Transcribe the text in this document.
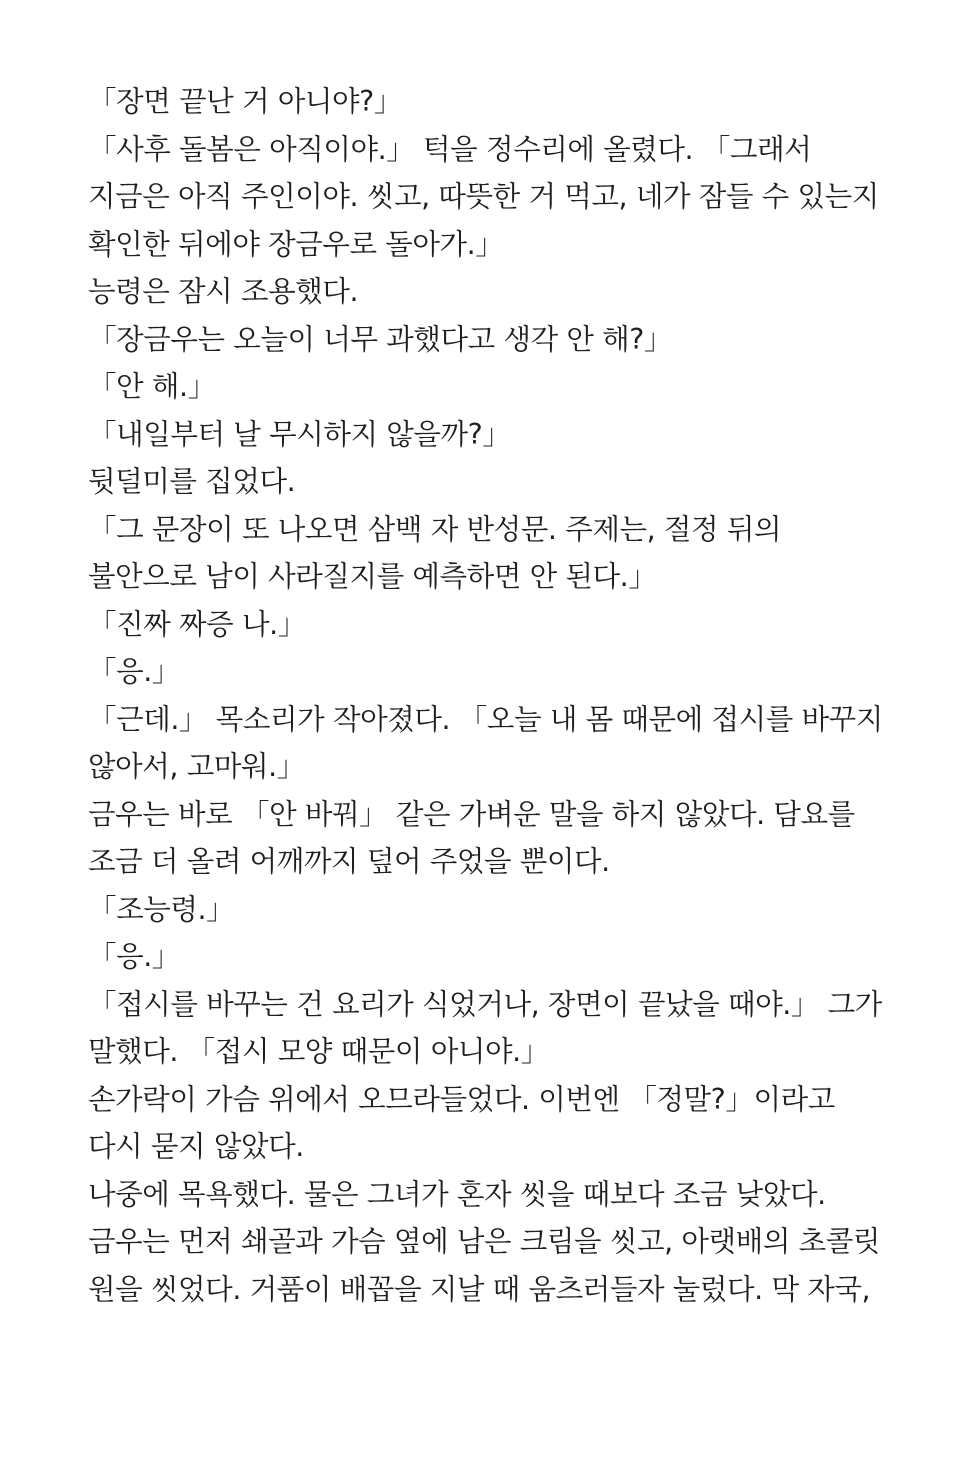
「장면 끝난 거 아니야?」
「사후 돌봄은 아직이야.」 턱을 정수리에 올렸다. 「그래서
지금은 아직 주인이야. 씻고, 따뜻한 거 먹고, 네가 잠들 수 있는지
확인한 뒤에야 장금우로 돌아가.」
능령은 잠시 조용했다.
「장금우는 오늘이 너무 과했다고 생각 안 해?」
「안 해.」
「내일부터 날 무시하지 않을까?」
뒷덜미를 집었다.
「그 문장이 또 나오면 삼백 자 반성문. 주제는, 절정 뒤의
불안으로 남이 사라질지를 예측하면 안 된다.」
「진짜 짜증 나.」
「응.」
「근데.」 목소리가 작아졌다. 「오늘 내 몸 때문에 접시를 바꾸지
않아서, 고마워.」
금우는 바로 「안 바꿔」 같은 가벼운 말을 하지 않았다. 담요를
조금 더 올려 어깨까지 덮어 주었을 뿐이다.
「조능령.」
「응.」
「접시를 바꾸는 건 요리가 식었거나, 장면이 끝났을 때야.」 그가
말했다. 「접시 모양 때문이 아니야.」
손가락이 가슴 위에서 오므라들었다. 이번엔 「정말?」이라고
다시 묻지 않았다.
나중에 목욕했다. 물은 그녀가 혼자 씻을 때보다 조금 낮았다.
금우는 먼저 쇄골과 가슴 옆에 남은 크림을 씻고, 아랫배의 초콜릿
원을 씻었다. 거품이 배꼽을 지날 때 움츠러들자 눌렀다. 막 자국,
